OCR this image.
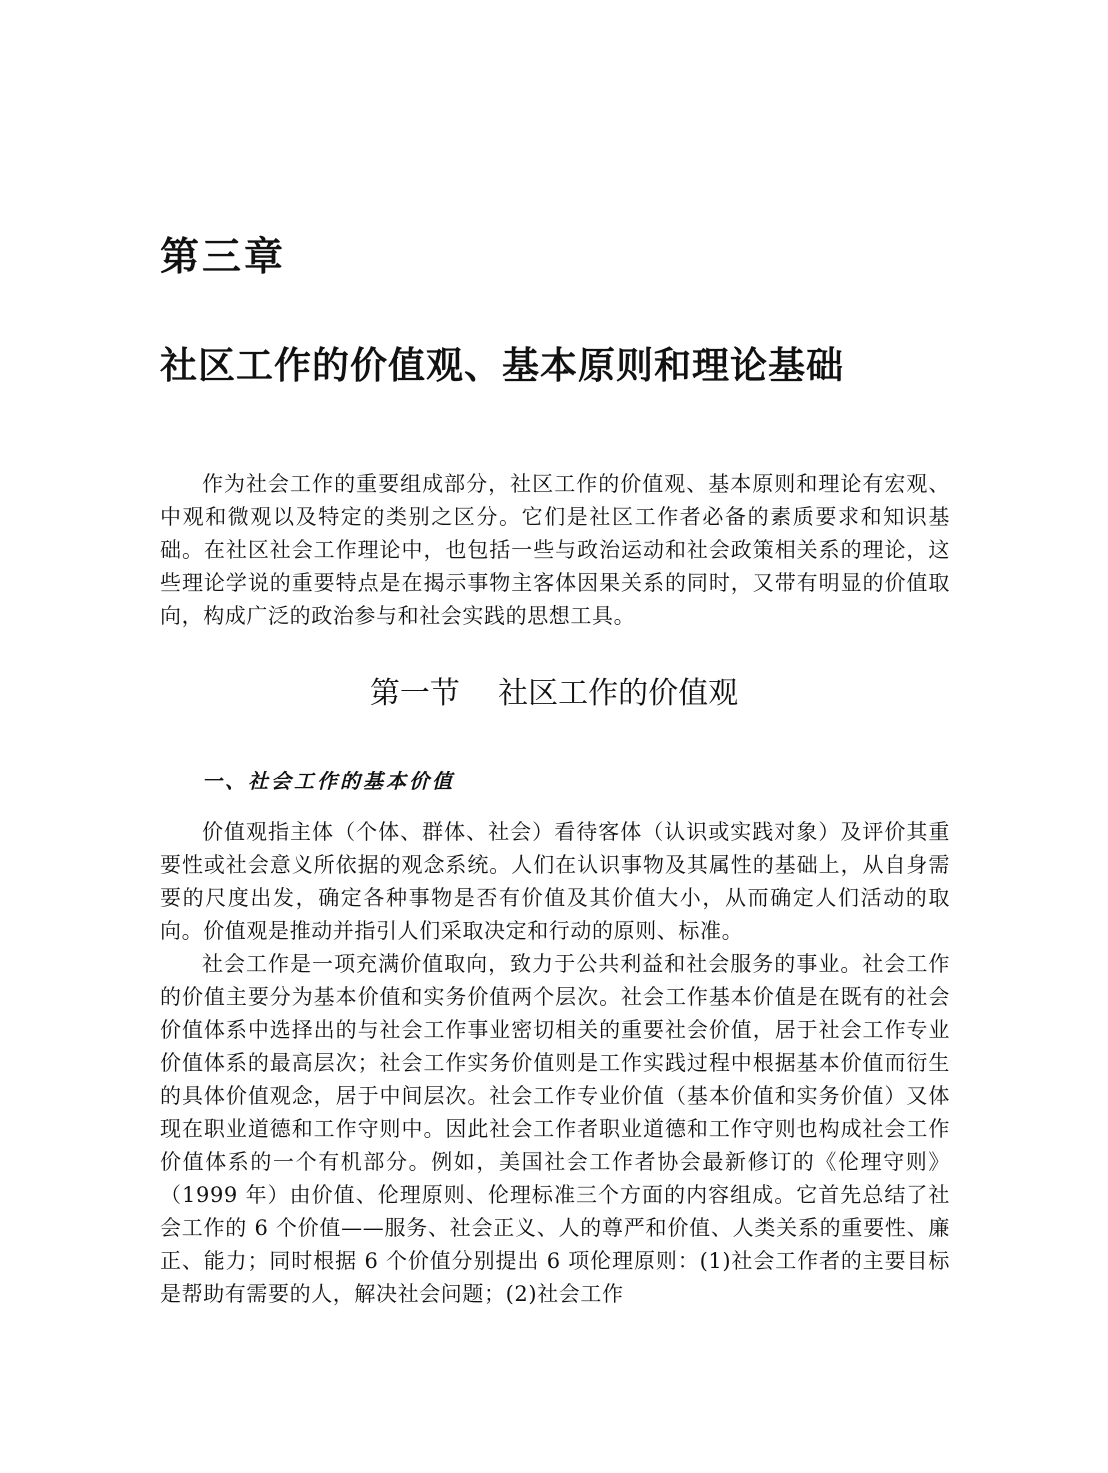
第三章
社区工作的价值观、基本原则和理论基础

作为社会工作的重要组成部分，社区工作的价值观、基本原则和理论有宏观、中观和微观以及特定的类别之区分。它们是社区工作者必备的素质要求和知识基础。在社区社会工作理论中，也包括一些与政治运动和社会政策相关系的理论，这些理论学说的重要特点是在揭示事物主客体因果关系的同时，又带有明显的价值取向，构成广泛的政治参与和社会实践的思想工具。

第一节    社区工作的价值观
一、社会工作的基本价值

价值观指主体（个体、群体、社会）看待客体（认识或实践对象）及评价其重要性或社会意义所依据的观念系统。人们在认识事物及其属性的基础上，从自身需要的尺度出发，确定各种事物是否有价值及其价值大小，从而确定人们活动的取向。价值观是推动并指引人们采取决定和行动的原则、标准。

社会工作是一项充满价值取向，致力于公共利益和社会服务的事业。社会工作的价值主要分为基本价值和实务价值两个层次。社会工作基本价值是在既有的社会价值体系中选择出的与社会工作事业密切相关的重要社会价值，居于社会工作专业价值体系的最高层次；社会工作实务价值则是工作实践过程中根据基本价值而衍生的具体价值观念，居于中间层次。社会工作专业价值（基本价值和实务价值）又体现在职业道德和工作守则中。因此社会工作者职业道德和工作守则也构成社会工作价值体系的一个有机部分。例如，美国社会工作者协会最新修订的《伦理守则》（1999 年）由价值、伦理原则、伦理标准三个方面的内容组成。它首先总结了社会工作的 6 个价值——服务、社会正义、人的尊严和价值、人类关系的重要性、廉正、能力；同时根据 6 个价值分别提出 6 项伦理原则：(1)社会工作者的主要目标是帮助有需要的人，解决社会问题；(2)社会工作
